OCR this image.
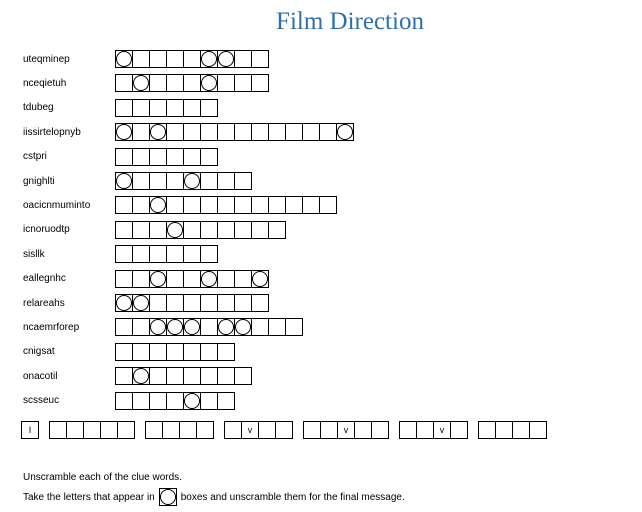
Film Direction
uteqminep
nceqietuh
tdubeg
iissirtelopnyb
cstpri
gnighlti
oacicnmuminto
icnoruodtp
sisllk
eallegnhc
relareahs
ncaemrforep
cnigsat
onacotil
scsseuc
I	v	v	v
Unscramble each of the clue words.
Take the letters that appear in	boxes and unscramble them for the final message.
